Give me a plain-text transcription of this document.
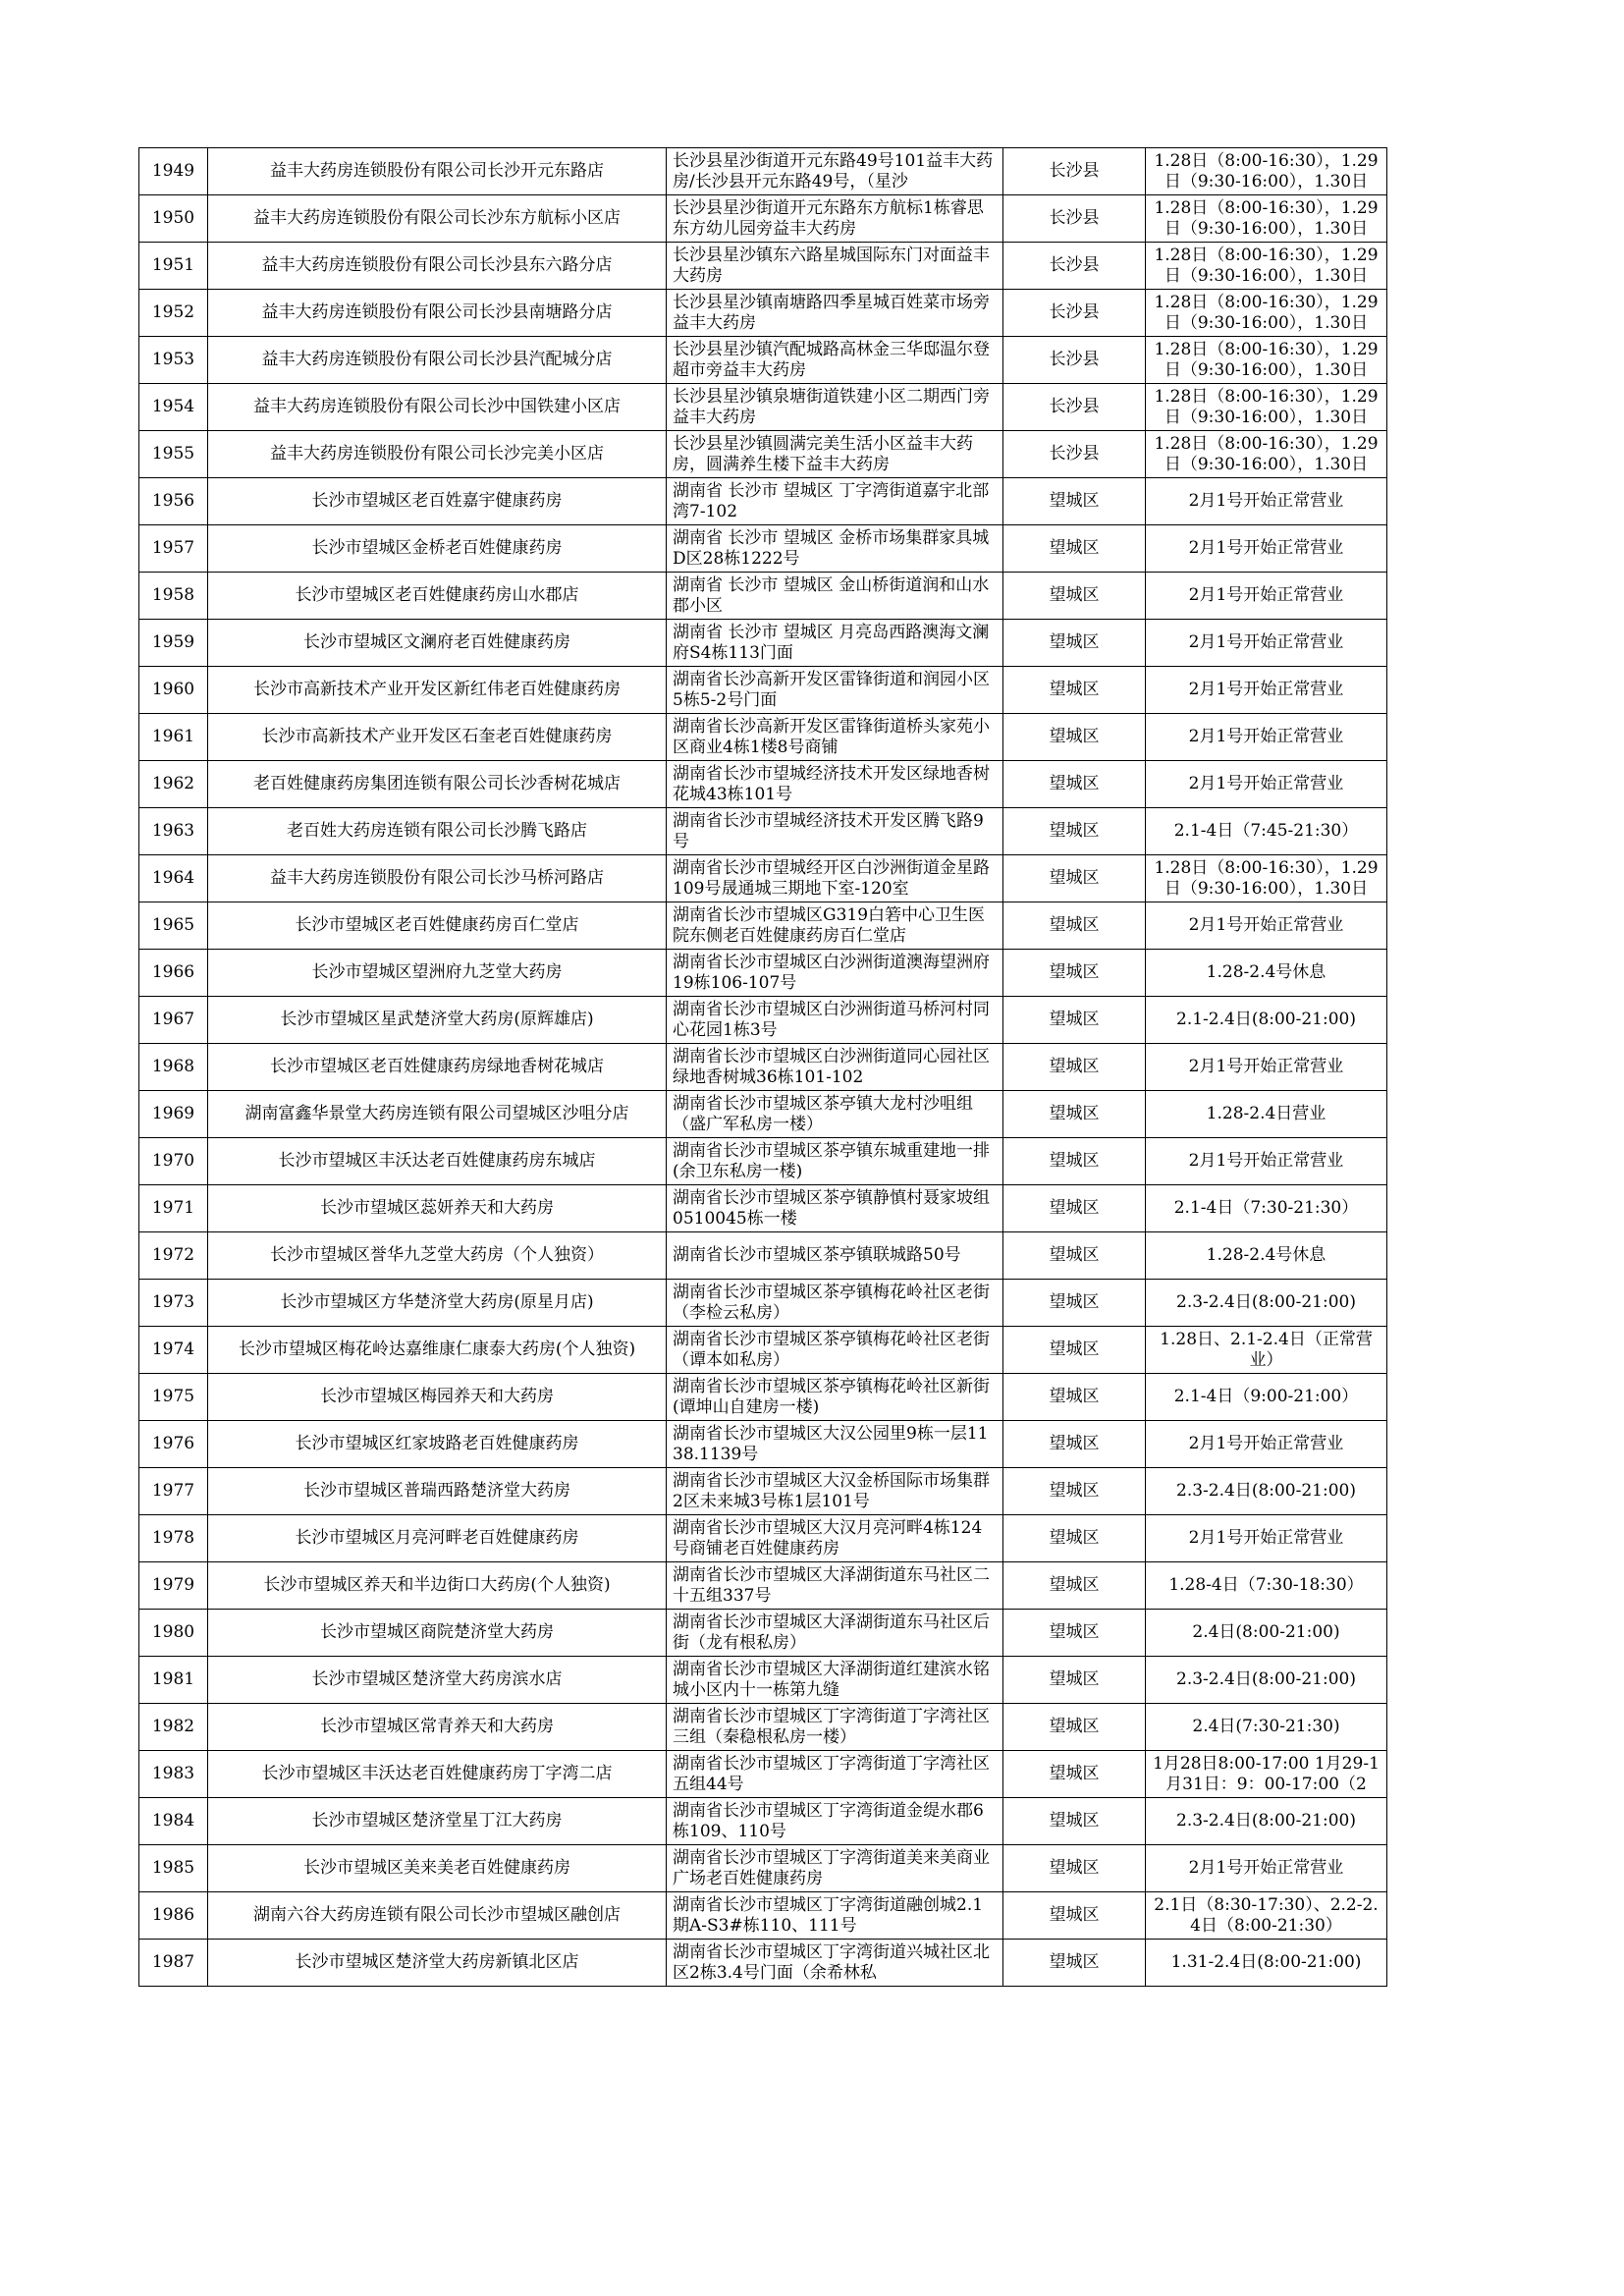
1949	益丰大药房连锁股份有限公司长沙开元东路店	长沙县星沙街道开元东路49号101益丰大药房/长沙县开元东路49号，（星沙	长沙县	1.28日（8:00-16:30），1.29日（9:30-16:00），1.30日

1950	益丰大药房连锁股份有限公司长沙东方航标小区店	长沙县星沙街道开元东路东方航标1栋睿思东方幼儿园旁益丰大药房	长沙县	1.28日（8:00-16:30），1.29日（9:30-16:00），1.30日

1951	益丰大药房连锁股份有限公司长沙县东六路分店	长沙县星沙镇东六路星城国际东门对面益丰大药房	长沙县	1.28日（8:00-16:30），1.29日（9:30-16:00），1.30日

1952	益丰大药房连锁股份有限公司长沙县南塘路分店	长沙县星沙镇南塘路四季星城百姓菜市场旁益丰大药房	长沙县	1.28日（8:00-16:30），1.29日（9:30-16:00），1.30日

1953	益丰大药房连锁股份有限公司长沙县汽配城分店	长沙县星沙镇汽配城路高林金三华邸温尔登超市旁益丰大药房	长沙县	1.28日（8:00-16:30），1.29日（9:30-16:00），1.30日

1954	益丰大药房连锁股份有限公司长沙中国铁建小区店	长沙县星沙镇泉塘街道铁建小区二期西门旁益丰大药房	长沙县	1.28日（8:00-16:30），1.29日（9:30-16:00），1.30日

1955	益丰大药房连锁股份有限公司长沙完美小区店	长沙县星沙镇圆满完美生活小区益丰大药房，圆满养生楼下益丰大药房	长沙县	1.28日（8:00-16:30），1.29日（9:30-16:00），1.30日

1956	长沙市望城区老百姓嘉宇健康药房	湖南省 长沙市 望城区 丁字湾街道嘉宇北部湾7-102	望城区	2月1号开始正常营业

1957	长沙市望城区金桥老百姓健康药房	湖南省 长沙市 望城区 金桥市场集群家具城D区28栋1222号	望城区	2月1号开始正常营业

1958	长沙市望城区老百姓健康药房山水郡店	湖南省 长沙市 望城区 金山桥街道润和山水郡小区	望城区	2月1号开始正常营业

1959	长沙市望城区文澜府老百姓健康药房	湖南省 长沙市 望城区 月亮岛西路澳海文澜府S4栋113门面	望城区	2月1号开始正常营业

1960	长沙市高新技术产业开发区新红伟老百姓健康药房	湖南省长沙高新开发区雷锋街道和润园小区5栋5-2号门面	望城区	2月1号开始正常营业

1961	长沙市高新技术产业开发区石奎老百姓健康药房	湖南省长沙高新开发区雷锋街道桥头家苑小区商业4栋1楼8号商铺	望城区	2月1号开始正常营业

1962	老百姓健康药房集团连锁有限公司长沙香树花城店	湖南省长沙市望城经济技术开发区绿地香树花城43栋101号	望城区	2月1号开始正常营业

1963	老百姓大药房连锁有限公司长沙腾飞路店	湖南省长沙市望城经济技术开发区腾飞路9号	望城区	2.1-4日（7:45-21:30）

1964	益丰大药房连锁股份有限公司长沙马桥河路店	湖南省长沙市望城经开区白沙洲街道金星路109号晟通城三期地下室-120室	望城区	1.28日（8:00-16:30），1.29日（9:30-16:00），1.30日

1965	长沙市望城区老百姓健康药房百仁堂店	湖南省长沙市望城区G319白箬中心卫生医院东侧老百姓健康药房百仁堂店	望城区	2月1号开始正常营业

1966	长沙市望城区望洲府九芝堂大药房	湖南省长沙市望城区白沙洲街道澳海望洲府19栋106-107号	望城区	1.28-2.4号休息

1967	长沙市望城区星武楚济堂大药房(原辉雄店)	湖南省长沙市望城区白沙洲街道马桥河村同心花园1栋3号	望城区	2.1-2.4日(8:00-21:00)

1968	长沙市望城区老百姓健康药房绿地香树花城店	湖南省长沙市望城区白沙洲街道同心园社区绿地香树城36栋101-102	望城区	2月1号开始正常营业

1969	湖南富鑫华景堂大药房连锁有限公司望城区沙咀分店	湖南省长沙市望城区茶亭镇大龙村沙咀组（盛广军私房一楼）	望城区	1.28-2.4日营业

1970	长沙市望城区丰沃达老百姓健康药房东城店	湖南省长沙市望城区茶亭镇东城重建地一排(余卫东私房一楼)	望城区	2月1号开始正常营业

1971	长沙市望城区蕊妍养天和大药房	湖南省长沙市望城区茶亭镇静慎村聂家坡组0510045栋一楼	望城区	2.1-4日（7:30-21:30）

1972	长沙市望城区誉华九芝堂大药房（个人独资）	湖南省长沙市望城区茶亭镇联城路50号	望城区	1.28-2.4号休息

1973	长沙市望城区方华楚济堂大药房(原星月店)	湖南省长沙市望城区茶亭镇梅花岭社区老街（李检云私房）	望城区	2.3-2.4日(8:00-21:00)

1974	长沙市望城区梅花岭达嘉维康仁康泰大药房(个人独资)	湖南省长沙市望城区茶亭镇梅花岭社区老街（谭本如私房）	望城区	1.28日、2.1-2.4日（正常营业）

1975	长沙市望城区梅园养天和大药房	湖南省长沙市望城区茶亭镇梅花岭社区新街(谭坤山自建房一楼)	望城区	2.1-4日（9:00-21:00）

1976	长沙市望城区红家坡路老百姓健康药房	湖南省长沙市望城区大汉公园里9栋一层1138.1139号	望城区	2月1号开始正常营业

1977	长沙市望城区普瑞西路楚济堂大药房	湖南省长沙市望城区大汉金桥国际市场集群2区未来城3号栋1层101号	望城区	2.3-2.4日(8:00-21:00)

1978	长沙市望城区月亮河畔老百姓健康药房	湖南省长沙市望城区大汉月亮河畔4栋124号商铺老百姓健康药房	望城区	2月1号开始正常营业

1979	长沙市望城区养天和半边街口大药房(个人独资)	湖南省长沙市望城区大泽湖街道东马社区二十五组337号	望城区	1.28-4日（7:30-18:30）

1980	长沙市望城区商院楚济堂大药房	湖南省长沙市望城区大泽湖街道东马社区后街（龙有根私房）	望城区	2.4日(8:00-21:00)

1981	长沙市望城区楚济堂大药房滨水店	湖南省长沙市望城区大泽湖街道红建滨水铭城小区内十一栋第九缝	望城区	2.3-2.4日(8:00-21:00)

1982	长沙市望城区常青养天和大药房	湖南省长沙市望城区丁字湾街道丁字湾社区三组（秦稳根私房一楼）	望城区	2.4日(7:30-21:30)

1983	长沙市望城区丰沃达老百姓健康药房丁字湾二店	湖南省长沙市望城区丁字湾街道丁字湾社区五组44号	望城区	1月28日8:00-17:00 1月29-1月31日：9：00-17:00（2

1984	长沙市望城区楚济堂星丁江大药房	湖南省长沙市望城区丁字湾街道金缇水郡6栋109、110号	望城区	2.3-2.4日(8:00-21:00)

1985	长沙市望城区美来美老百姓健康药房	湖南省长沙市望城区丁字湾街道美来美商业广场老百姓健康药房	望城区	2月1号开始正常营业

1986	湖南六谷大药房连锁有限公司长沙市望城区融创店	湖南省长沙市望城区丁字湾街道融创城2.1期A-S3#栋110、111号	望城区	2.1日（8:30-17:30）、2.2-2.4日（8:00-21:30）

1987	长沙市望城区楚济堂大药房新镇北区店	湖南省长沙市望城区丁字湾街道兴城社区北区2栋3.4号门面（余希林私	望城区	1.31-2.4日(8:00-21:00)
